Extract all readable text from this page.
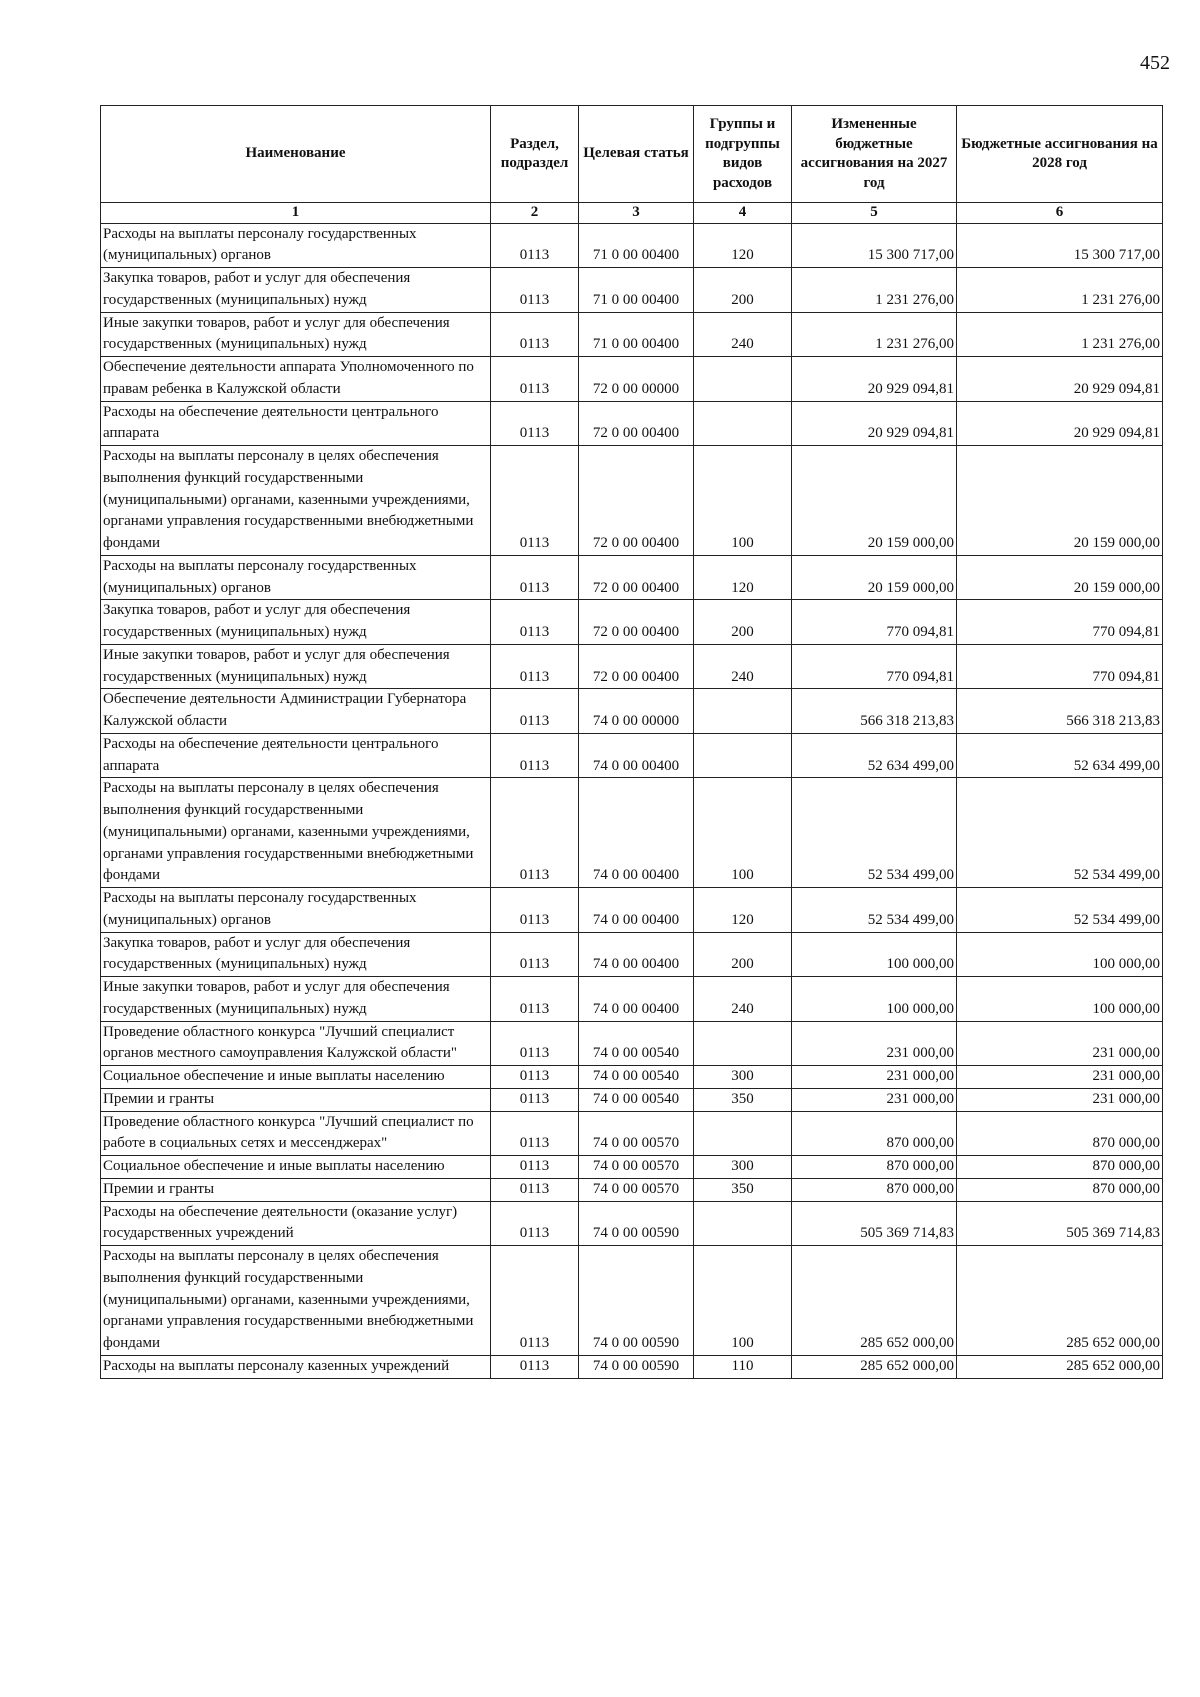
452
Наименование	Раздел, подраздел	Целевая статья	Группы и подгруппы видов расходов	Измененные бюджетные ассигнования на 2027 год	Бюджетные ассигнования на 2028 год
1	2	3	4	5	6
Расходы на выплаты персоналу государственных (муниципальных) органов	0113	71 0 00 00400	120	15 300 717,00	15 300 717,00
Закупка товаров, работ и услуг для обеспечения государственных (муниципальных) нужд	0113	71 0 00 00400	200	1 231 276,00	1 231 276,00
Иные закупки товаров, работ и услуг для обеспечения государственных (муниципальных) нужд	0113	71 0 00 00400	240	1 231 276,00	1 231 276,00
Обеспечение деятельности аппарата Уполномоченного по правам ребенка в Калужской области	0113	72 0 00 00000		20 929 094,81	20 929 094,81
Расходы на обеспечение деятельности центрального аппарата	0113	72 0 00 00400		20 929 094,81	20 929 094,81
Расходы на выплаты персоналу в целях обеспечения выполнения функций государственными (муниципальными) органами, казенными учреждениями, органами управления государственными внебюджетными фондами	0113	72 0 00 00400	100	20 159 000,00	20 159 000,00
Расходы на выплаты персоналу государственных (муниципальных) органов	0113	72 0 00 00400	120	20 159 000,00	20 159 000,00
Закупка товаров, работ и услуг для обеспечения государственных (муниципальных) нужд	0113	72 0 00 00400	200	770 094,81	770 094,81
Иные закупки товаров, работ и услуг для обеспечения государственных (муниципальных) нужд	0113	72 0 00 00400	240	770 094,81	770 094,81
Обеспечение деятельности Администрации Губернатора Калужской области	0113	74 0 00 00000		566 318 213,83	566 318 213,83
Расходы на обеспечение деятельности центрального аппарата	0113	74 0 00 00400		52 634 499,00	52 634 499,00
Расходы на выплаты персоналу в целях обеспечения выполнения функций государственными (муниципальными) органами, казенными учреждениями, органами управления государственными внебюджетными фондами	0113	74 0 00 00400	100	52 534 499,00	52 534 499,00
Расходы на выплаты персоналу государственных (муниципальных) органов	0113	74 0 00 00400	120	52 534 499,00	52 534 499,00
Закупка товаров, работ и услуг для обеспечения государственных (муниципальных) нужд	0113	74 0 00 00400	200	100 000,00	100 000,00
Иные закупки товаров, работ и услуг для обеспечения государственных (муниципальных) нужд	0113	74 0 00 00400	240	100 000,00	100 000,00
Проведение областного конкурса "Лучший специалист органов местного самоуправления Калужской области"	0113	74 0 00 00540		231 000,00	231 000,00
Социальное обеспечение и иные выплаты населению	0113	74 0 00 00540	300	231 000,00	231 000,00
Премии и гранты	0113	74 0 00 00540	350	231 000,00	231 000,00
Проведение областного конкурса "Лучший специалист по работе в социальных сетях и мессенджерах"	0113	74 0 00 00570		870 000,00	870 000,00
Социальное обеспечение и иные выплаты населению	0113	74 0 00 00570	300	870 000,00	870 000,00
Премии и гранты	0113	74 0 00 00570	350	870 000,00	870 000,00
Расходы на обеспечение деятельности (оказание услуг) государственных учреждений	0113	74 0 00 00590		505 369 714,83	505 369 714,83
Расходы на выплаты персоналу в целях обеспечения выполнения функций государственными (муниципальными) органами, казенными учреждениями, органами управления государственными внебюджетными фондами	0113	74 0 00 00590	100	285 652 000,00	285 652 000,00
Расходы на выплаты персоналу казенных учреждений	0113	74 0 00 00590	110	285 652 000,00	285 652 000,00
